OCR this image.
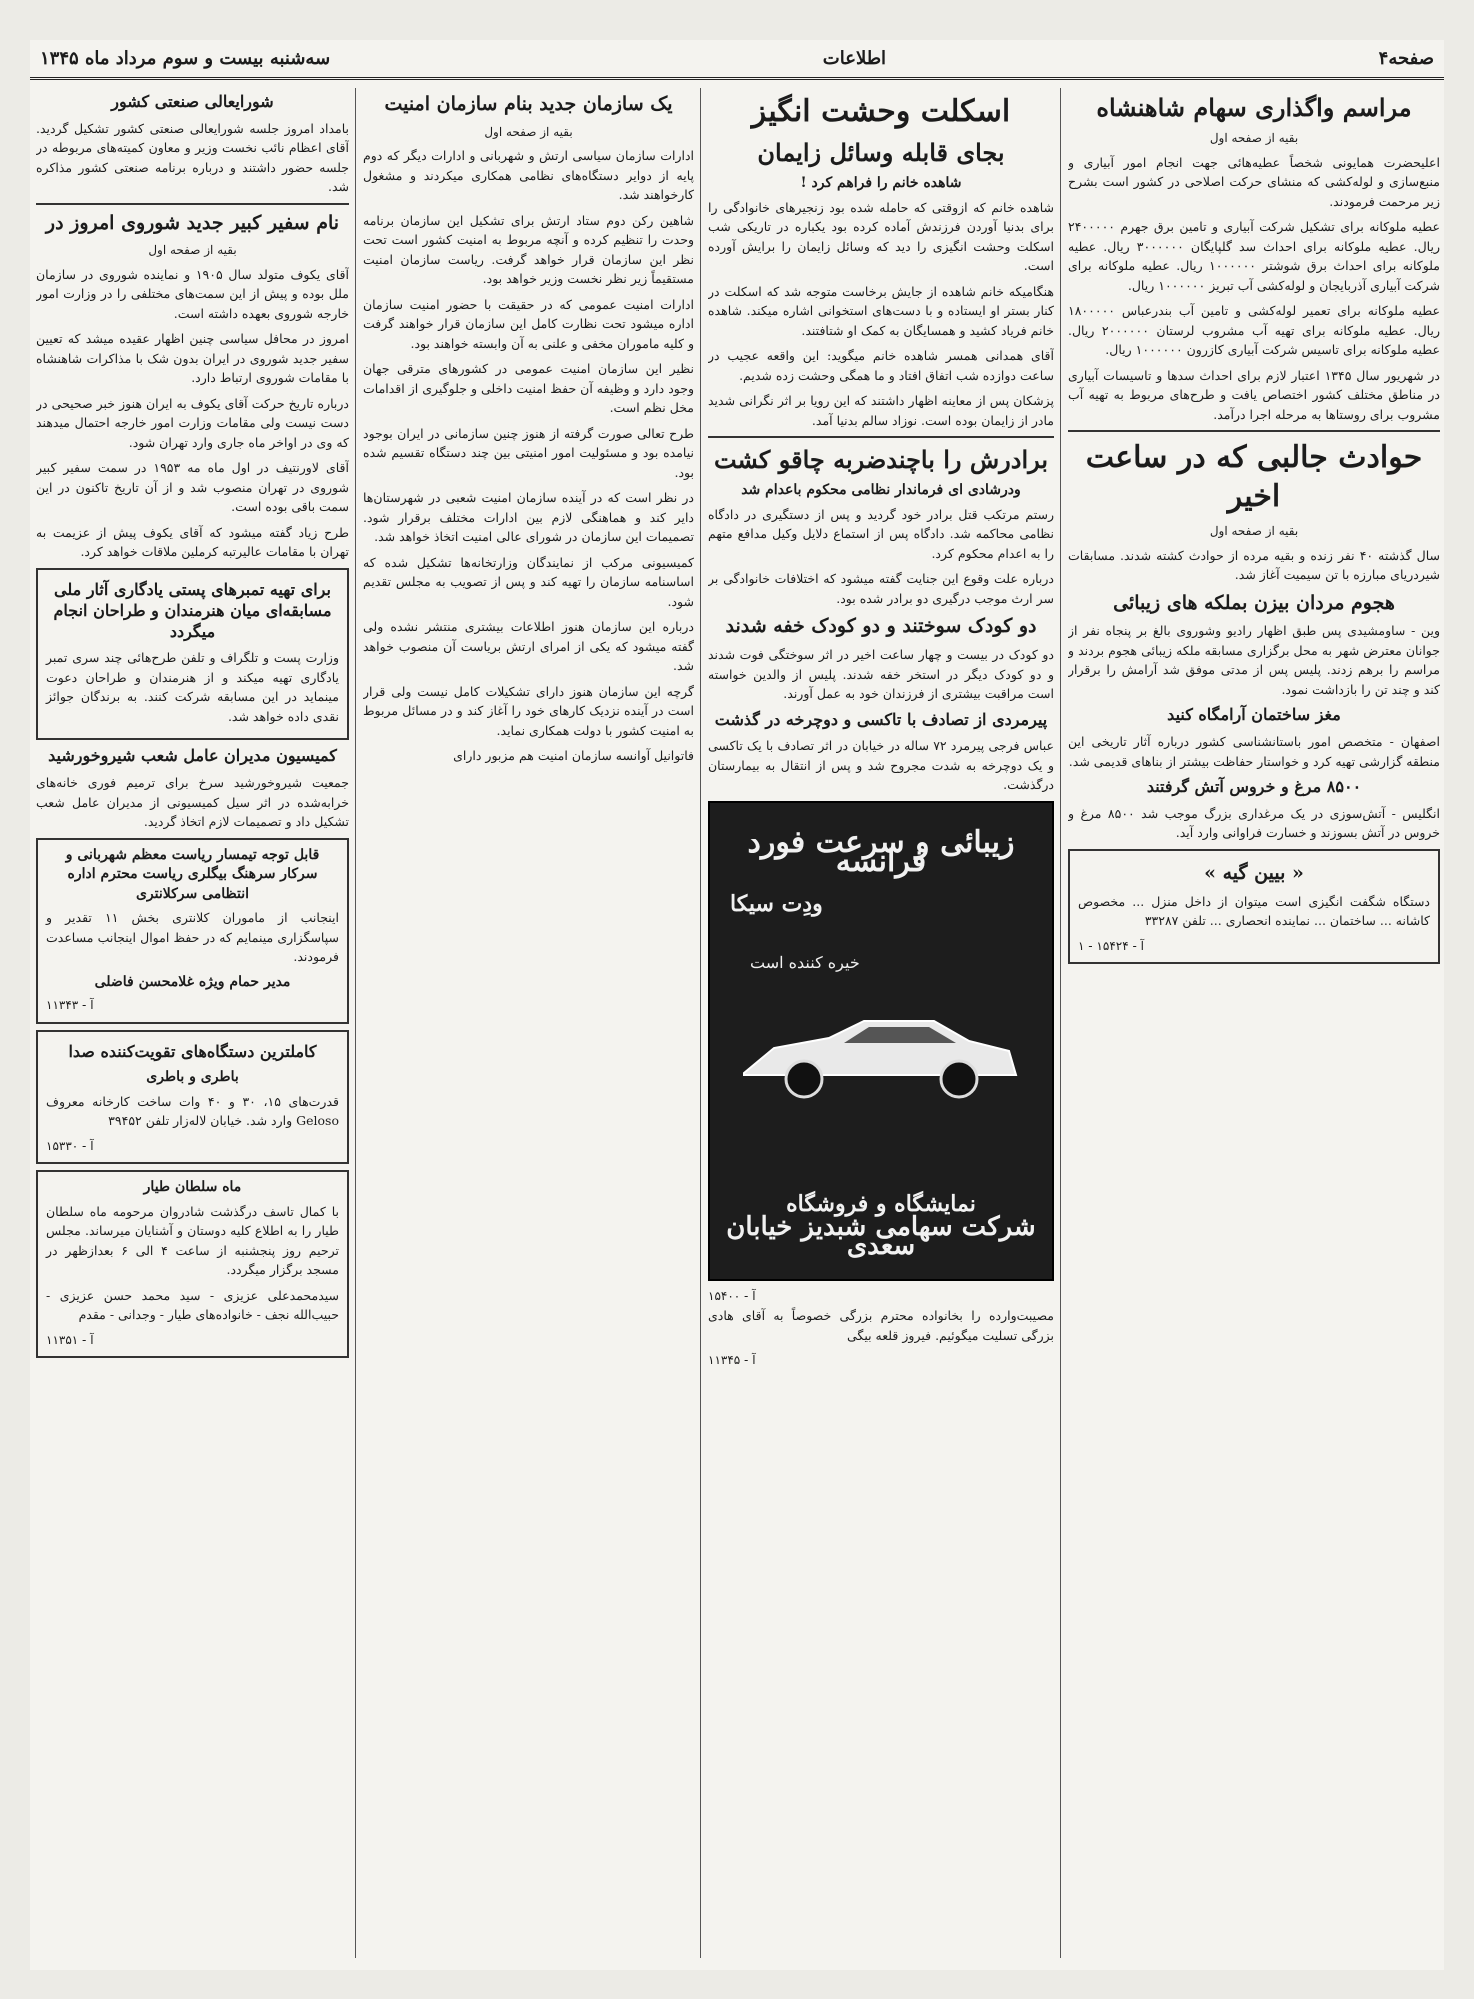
صفحه۴
اطلاعات
سه‌شنبه بیست و سوم مرداد ماه ۱۳۴۵
مراسم واگذاری سهام شاهنشاه
بقیه از صفحه اول

اعلیحضرت همایونی شخصاً عطیه‌هائی جهت انجام امور آبیاری و منبع‌سازی و لوله‌کشی که منشای حرکت اصلاحی در کشور است بشرح زیر مرحمت فرمودند.

عطیه ملوکانه برای تشکیل شرکت آبیاری و تامین برق جهرم ۲۴۰۰۰۰۰ ریال. عطیه ملوکانه برای احداث سد گلپایگان ۳۰۰۰۰۰۰ ریال. عطیه ملوکانه برای احداث برق شوشتر ۱۰۰۰۰۰۰ ریال. عطیه ملوکانه برای شرکت آبیاری آذربایجان و لوله‌کشی آب تبریز ۱۰۰۰۰۰۰ ریال.

عطیه ملوکانه برای تعمیر لوله‌کشی و تامین آب بندرعباس ۱۸۰۰۰۰۰ ریال. عطیه ملوکانه برای تهیه آب مشروب لرستان ۲۰۰۰۰۰۰ ریال. عطیه ملوکانه برای تاسیس شرکت آبیاری کازرون ۱۰۰۰۰۰۰ ریال.

در شهریور سال ۱۳۴۵ اعتبار لازم برای احداث سدها و تاسیسات آبیاری در مناطق مختلف کشور اختصاص یافت و طرح‌های مربوط به تهیه آب مشروب برای روستاها به مرحله اجرا درآمد.

حوادث جالبی که در ساعت اخیر
بقیه از صفحه اول

سال گذشته ۴۰ نفر زنده و بقیه مرده از حوادث کشته شدند. مسابقات شیردریای مبارزه با تن سیمیت آغاز شد.

هجوم مردان بیزن بملکه های زیبائی

وین - ساومشیدی پس طبق اظهار رادیو وشوروی بالغ بر پنجاه نفر از جوانان معترض شهر به محل برگزاری مسابقه ملکه زیبائی هجوم بردند و مراسم را برهم زدند. پلیس پس از مدتی موفق شد آرامش را برقرار کند و چند تن را بازداشت نمود.

مغز ساختمان آرامگاه کنید

اصفهان - متخصص امور باستانشناسی کشور درباره آثار تاریخی این منطقه گزارشی تهیه کرد و خواستار حفاظت بیشتر از بناهای قدیمی شد.

۸۵۰۰ مرغ و خروس آتش گرفتند

انگلیس - آتش‌سوزی در یک مرغداری بزرگ موجب شد ۸۵۰۰ مرغ و خروس در آتش بسوزند و خسارت فراوانی وارد آید.

« بیین گیه »

دستگاه شگفت انگیزی است میتوان از داخل منزل ... مخصوص کاشانه ... ساختمان ... نماینده انحصاری ... تلفن ۳۳۲۸۷

آ - ۱۵۴۲۴ - ۱
اسکلت وحشت انگیز
بجای قابله وسائل زایمان
شاهده خانم را فراهم کرد !

شاهده خانم که ازوقتی که حامله شده بود زنجیرهای خانوادگی را برای بدنیا آوردن فرزندش آماده کرده بود یکباره در تاریکی شب اسکلت وحشت انگیزی را دید که وسائل زایمان را برایش آورده است.

هنگامیکه خانم شاهده از جایش برخاست متوجه شد که اسکلت در کنار بستر او ایستاده و با دست‌های استخوانی اشاره میکند. شاهده خانم فریاد کشید و همسایگان به کمک او شتافتند.

آقای همدانی همسر شاهده خانم میگوید: این واقعه عجیب در ساعت دوازده شب اتفاق افتاد و ما همگی وحشت زده شدیم.

پزشکان پس از معاینه اظهار داشتند که این رویا بر اثر نگرانی شدید مادر از زایمان بوده است. نوزاد سالم بدنیا آمد.

برادرش را باچندضربه چاقو کشت
ودرشادی ای فرماندار نظامی محکوم باعدام شد

رستم مرتکب قتل برادر خود گردید و پس از دستگیری در دادگاه نظامی محاکمه شد. دادگاه پس از استماع دلایل وکیل مدافع متهم را به اعدام محکوم کرد.

درباره علت وقوع این جنایت گفته میشود که اختلافات خانوادگی بر سر ارث موجب درگیری دو برادر شده بود.

دو کودک سوختند و دو کودک خفه شدند

دو کودک در بیست و چهار ساعت اخیر در اثر سوختگی فوت شدند و دو کودک دیگر در استخر خفه شدند. پلیس از والدین خواسته است مراقبت بیشتری از فرزندان خود به عمل آورند.

پیرمردی از تصادف با تاکسی و دوچرخه در گذشت

عباس فرجی پیرمرد ۷۲ ساله در خیابان در اثر تصادف با یک تاکسی و یک دوچرخه به شدت مجروح شد و پس از انتقال به بیمارستان درگذشت.

زیبائی و سرعت فورد فرانسه
ودِت سیکا
خیره کننده است
نمایشگاه و فروشگاه
شرکت سهامی شبدیز خیابان سعدی
آ - ۱۵۴۰۰

مصیبت‌وارده را بخانواده محترم بزرگی خصوصاً به آقای هادی بزرگی تسلیت میگوئیم. فیروز قلعه بیگی

آ - ۱۱۳۴۵
یک سازمان جدید بنام سازمان امنیت
بقیه از صفحه اول

ادارات سازمان سیاسی ارتش و شهربانی و ادارات دیگر که دوم پایه از دوایر دستگاه‌های نظامی همکاری میکردند و مشغول کارخواهند شد.

شاهین رکن دوم ستاد ارتش برای تشکیل این سازمان برنامه وحدت را تنظیم کرده و آنچه مربوط به امنیت کشور است تحت نظر این سازمان قرار خواهد گرفت. ریاست سازمان امنیت مستقیماً زیر نظر نخست وزیر خواهد بود.

ادارات امنیت عمومی که در حقیقت با حضور امنیت سازمان اداره میشود تحت نظارت کامل این سازمان قرار خواهند گرفت و کلیه ماموران مخفی و علنی به آن وابسته خواهند بود.

نظیر این سازمان امنیت عمومی در کشورهای مترقی جهان وجود دارد و وظیفه آن حفظ امنیت داخلی و جلوگیری از اقدامات مخل نظم است.

طرح تعالی صورت گرفته از هنوز چنین سازمانی در ایران بوجود نیامده بود و مسئولیت امور امنیتی بین چند دستگاه تقسیم شده بود.

در نظر است که در آینده سازمان امنیت شعبی در شهرستان‌ها دایر کند و هماهنگی لازم بین ادارات مختلف برقرار شود. تصمیمات این سازمان در شورای عالی امنیت اتخاذ خواهد شد.

کمیسیونی مرکب از نمایندگان وزارتخانه‌ها تشکیل شده که اساسنامه سازمان را تهیه کند و پس از تصویب به مجلس تقدیم شود.

درباره این سازمان هنوز اطلاعات بیشتری منتشر نشده ولی گفته میشود که یکی از امرای ارتش بریاست آن منصوب خواهد شد.

گرچه این سازمان هنوز دارای تشکیلات کامل نیست ولی قرار است در آینده نزدیک کارهای خود را آغاز کند و در مسائل مربوط به امنیت کشور با دولت همکاری نماید.

فاتوانیل آوانسه سازمان امنیت هم مزبور دارای

شورایعالی صنعتی کشور

بامداد امروز جلسه شورایعالی صنعتی کشور تشکیل گردید. آقای اعظام نائب نخست وزیر و معاون کمیته‌های مربوطه در جلسه حضور داشتند و درباره برنامه صنعتی کشور مذاکره شد.

نام سفیر کبیر جدید شوروی امروز در
بقیه از صفحه اول

آقای یکوف متولد سال ۱۹۰۵ و نماینده شوروی در سازمان ملل بوده و پیش از این سمت‌های مختلفی را در وزارت امور خارجه شوروی بعهده داشته است.

امروز در محافل سیاسی چنین اظهار عقیده میشد که تعیین سفیر جدید شوروی در ایران بدون شک با مذاکرات شاهنشاه با مقامات شوروی ارتباط دارد.

درباره تاریخ حرکت آقای یکوف به ایران هنوز خبر صحیحی در دست نیست ولی مقامات وزارت امور خارجه احتمال میدهند که وی در اواخر ماه جاری وارد تهران شود.

آقای لاورنتیف در اول ماه مه ۱۹۵۳ در سمت سفیر کبیر شوروی در تهران منصوب شد و از آن تاریخ تاکنون در این سمت باقی بوده است.

طرح زیاد گفته میشود که آقای یکوف پیش از عزیمت به تهران با مقامات عالیرتبه کرملین ملاقات خواهد کرد.

برای تهیه تمبرهای پستی یادگاری آثار ملی مسابقه‌ای میان هنرمندان و طراحان انجام میگردد

وزارت پست و تلگراف و تلفن طرح‌هائی چند سری تمبر یادگاری تهیه میکند و از هنرمندان و طراحان دعوت مینماید در این مسابقه شرکت کنند. به برندگان جوائز نقدی داده خواهد شد.

کمیسیون مدیران عامل شعب شیروخورشید

جمعیت شیروخورشید سرخ برای ترمیم فوری خانه‌های خرابه‌شده در اثر سیل کمیسیونی از مدیران عامل شعب تشکیل داد و تصمیمات لازم اتخاذ گردید.

قابل توجه تیمسار ریاست معظم شهربانی و سرکار سرهنگ بیگلری ریاست محترم اداره انتظامی سرکلانتری

اینجانب از ماموران کلانتری بخش ۱۱ تقدیر و سپاسگزاری مینمایم که در حفظ اموال اینجانب مساعدت فرمودند.

مدیر حمام ویژه غلامحسن فاضلی
آ - ۱۱۳۴۳
کاملترین دستگاه‌های تقویت‌کننده صدا
باطری و باطری

قدرت‌های ۱۵، ۳۰ و ۴۰ وات ساخت کارخانه معروف Geloso وارد شد. خیابان لاله‌زار تلفن ۳۹۴۵۲

آ - ۱۵۳۳۰
ماه سلطان طیار

با کمال تاسف درگذشت شادروان مرحومه ماه سلطان طیار را به اطلاع کلیه دوستان و آشنایان میرساند. مجلس ترحیم روز پنجشنبه از ساعت ۴ الی ۶ بعدازظهر در مسجد برگزار میگردد.

سیدمحمدعلی عزیزی - سید محمد حسن عزیزی - حبیب‌الله نجف - خانواده‌های طیار - وجدانی - مقدم

آ - ۱۱۳۵۱
